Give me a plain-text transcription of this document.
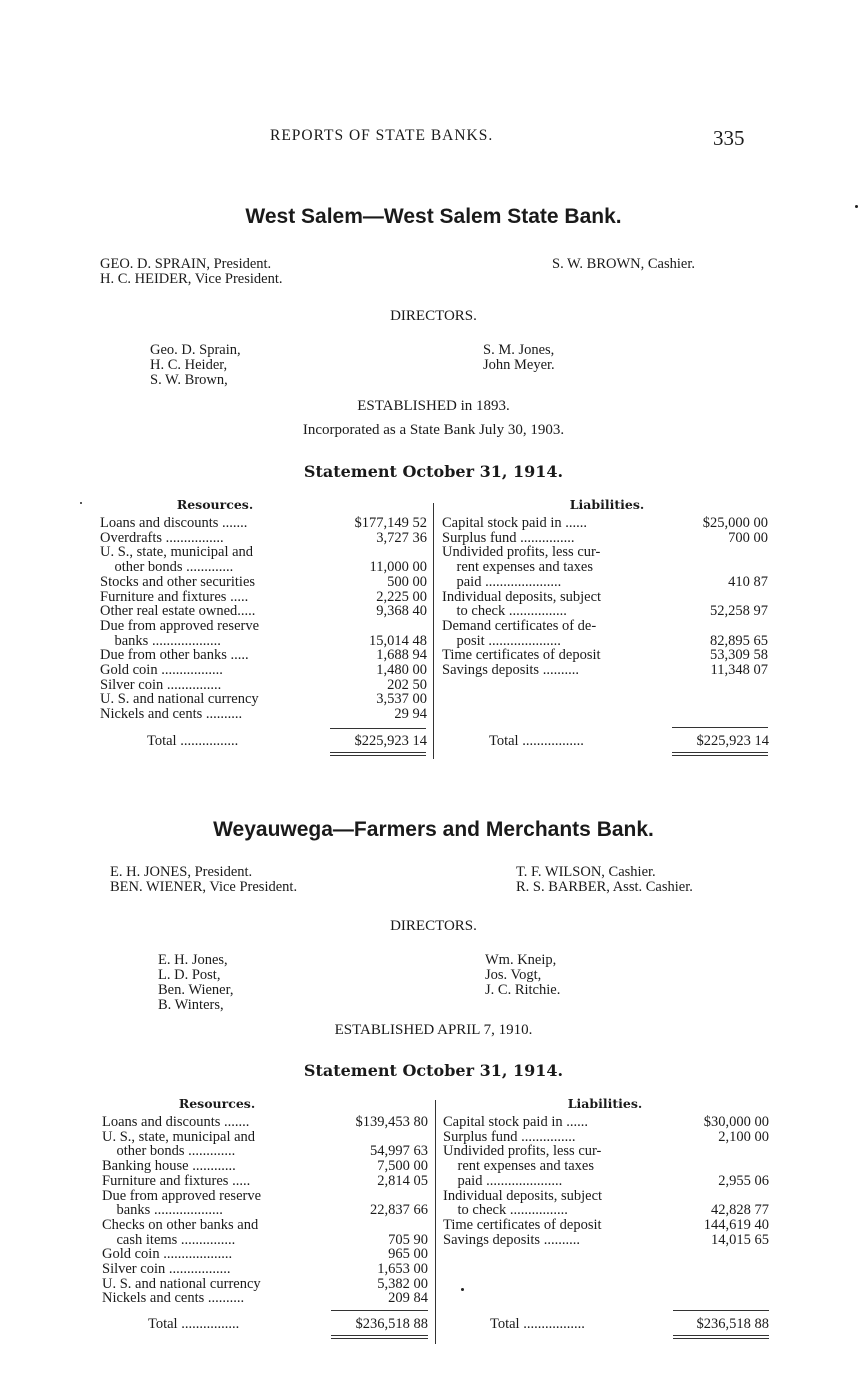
REPORTS OF STATE BANKS.	335
West Salem—West Salem State Bank.
GEO. D. SPRAIN, President.
H. C. HEIDER, Vice President.
S. W. BROWN, Cashier.
DIRECTORS.
Geo. D. Sprain,
H. C. Heider,
S. W. Brown,
S. M. Jones,
John Meyer.
ESTABLISHED in 1893.
Incorporated as a State Bank July 30, 1903.
Statement October 31, 1914.
Resources.	Liabilities.
Loans and discounts .......	$177,149 52
Overdrafts ................	3,727 36
U. S., state, municipal and
 other bonds .............	11,000 00
Stocks and other securities	500 00
Furniture and fixtures .....	2,225 00
Other real estate owned.....	9,368 40
Due from approved reserve
 banks ...................	15,014 48
Due from other banks .....	1,688 94
Gold coin .................	1,480 00
Silver coin ...............	202 50
U. S. and national currency	3,537 00
Nickels and cents ..........	29 94
Capital stock paid in ......	$25,000 00
Surplus fund ...............	700 00
Undivided profits, less cur-
 rent expenses and taxes
 paid .....................	410 87
Individual deposits, subject
 to check ................	52,258 97
Demand certificates of de-
 posit ....................	82,895 65
Time certificates of deposit	53,309 58
Savings deposits ..........	11,348 07
Total ................	$225,923 14	Total .................	$225,923 14
Weyauwega—Farmers and Merchants Bank.
E. H. JONES, President.
BEN. WIENER, Vice President.
T. F. WILSON, Cashier.
R. S. BARBER, Asst. Cashier.
DIRECTORS.
E. H. Jones,
L. D. Post,
Ben. Wiener,
B. Winters,
Wm. Kneip,
Jos. Vogt,
J. C. Ritchie.
ESTABLISHED APRIL 7, 1910.
Statement October 31, 1914.
Resources.	Liabilities.
Loans and discounts .......	$139,453 80
U. S., state, municipal and
 other bonds .............	54,997 63
Banking house ............	7,500 00
Furniture and fixtures .....	2,814 05
Due from approved reserve
 banks ...................	22,837 66
Checks on other banks and
 cash items ...............	705 90
Gold coin ...................	965 00
Silver coin .................	1,653 00
U. S. and national currency	5,382 00
Nickels and cents ..........	209 84
Capital stock paid in ......	$30,000 00
Surplus fund ...............	2,100 00
Undivided profits, less cur-
 rent expenses and taxes
 paid .....................	2,955 06
Individual deposits, subject
 to check ................	42,828 77
Time certificates of deposit	144,619 40
Savings deposits ..........	14,015 65
Total ................	$236,518 88	Total .................	$236,518 88
